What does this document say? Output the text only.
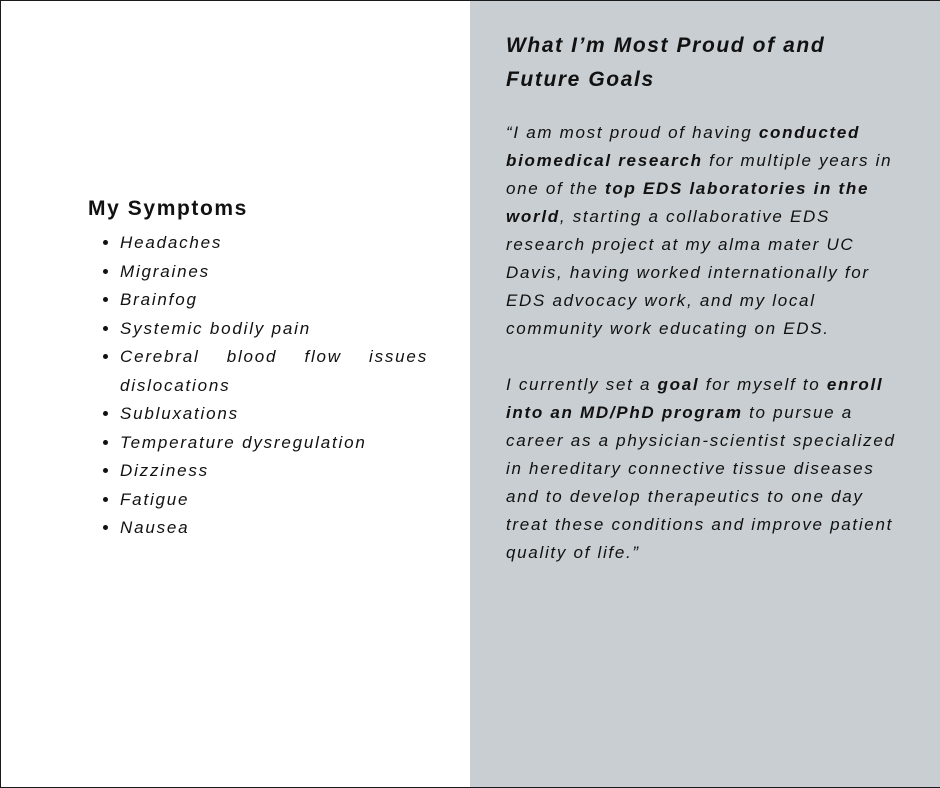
My Symptoms
• Headaches
• Migraines
• Brainfog
• Systemic bodily pain
• Cerebral blood flow issues
dislocations
• Subluxations
• Temperature dysregulation
• Dizziness
• Fatigue
• Nausea
What I’m Most Proud of and Future Goals

“I am most proud of having conducted biomedical research for multiple years in one of the top EDS laboratories in the world, starting a collaborative EDS research project at my alma mater UC Davis, having worked internationally for EDS advocacy work, and my local community work educating on EDS.

I currently set a goal for myself to enroll into an MD/PhD program to pursue a career as a physician-scientist specialized in hereditary connective tissue diseases and to develop therapeutics to one day treat these conditions and improve patient quality of life.”
